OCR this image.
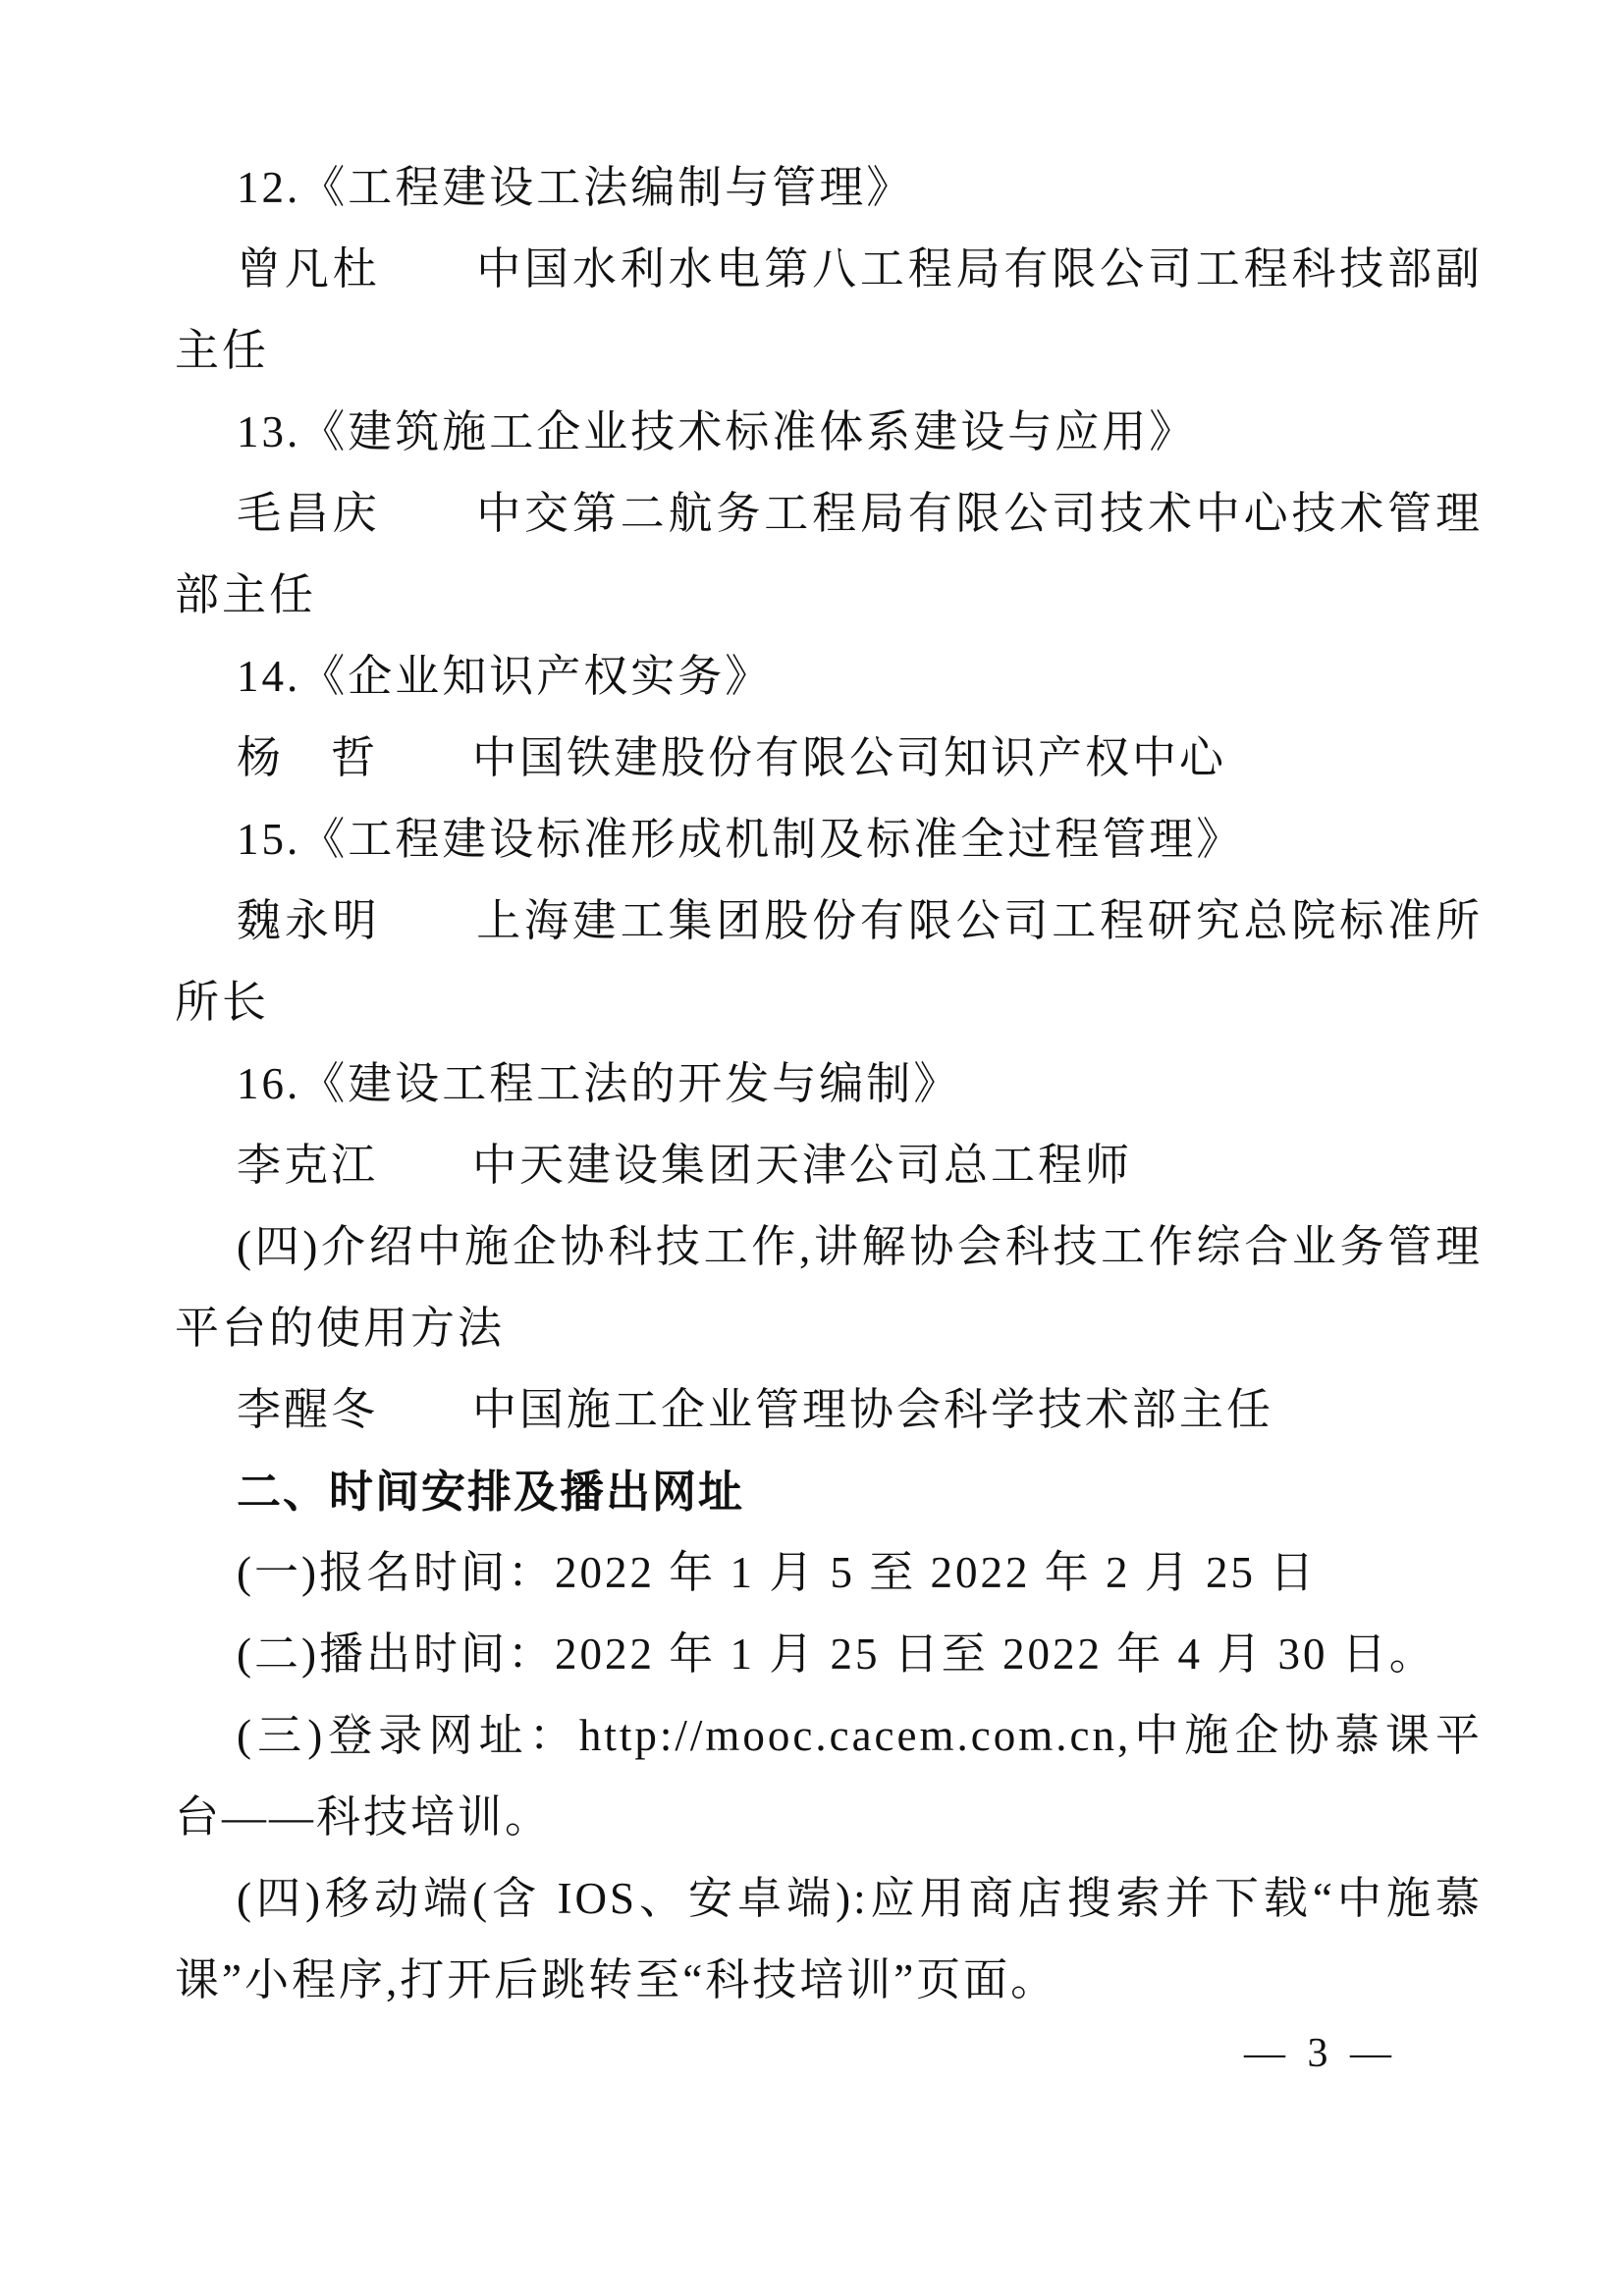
12.《工程建设工法编制与管理》

曾凡杜　　中国水利水电第八工程局有限公司工程科技部副主任

13.《建筑施工企业技术标准体系建设与应用》

毛昌庆　　中交第二航务工程局有限公司技术中心技术管理部主任

14.《企业知识产权实务》

杨　哲　　中国铁建股份有限公司知识产权中心

15.《工程建设标准形成机制及标准全过程管理》

魏永明　　上海建工集团股份有限公司工程研究总院标准所所长

16.《建设工程工法的开发与编制》

李克江　　中天建设集团天津公司总工程师

(四)介绍中施企协科技工作,讲解协会科技工作综合业务管理平台的使用方法

李醒冬　　中国施工企业管理协会科学技术部主任

二、时间安排及播出网址

(一)报名时间：2022 年 1 月 5 至 2022 年 2 月 25 日

(二)播出时间：2022 年 1 月 25 日至 2022 年 4 月 30 日。

(三)登录网址：http://mooc.cacem.com.cn,中施企协慕课平台——科技培训。

(四)移动端(含 IOS、安卓端):应用商店搜索并下载“中施慕课”小程序,打开后跳转至“科技培训”页面。

— 3 —
